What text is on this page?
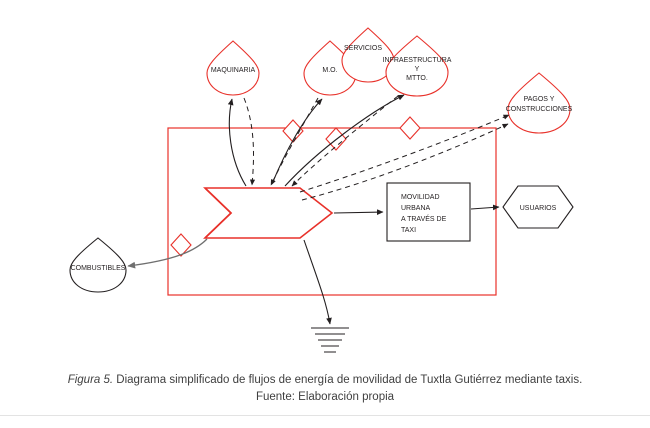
MAQUINARIA	M.O.
SERVICIOS
INFRAESTRUCTURA
Y
MTTO.
PAGOS Y
CONSTRUCCIONES
COMBUSTIBLES
MOVILIDAD
URBANA
A TRAVÉS DE
TAXI
USUARIOS
Figura 5. Diagrama simplificado de flujos de energía de movilidad de Tuxtla Gutiérrez mediante taxis.
Fuente: Elaboración propia
